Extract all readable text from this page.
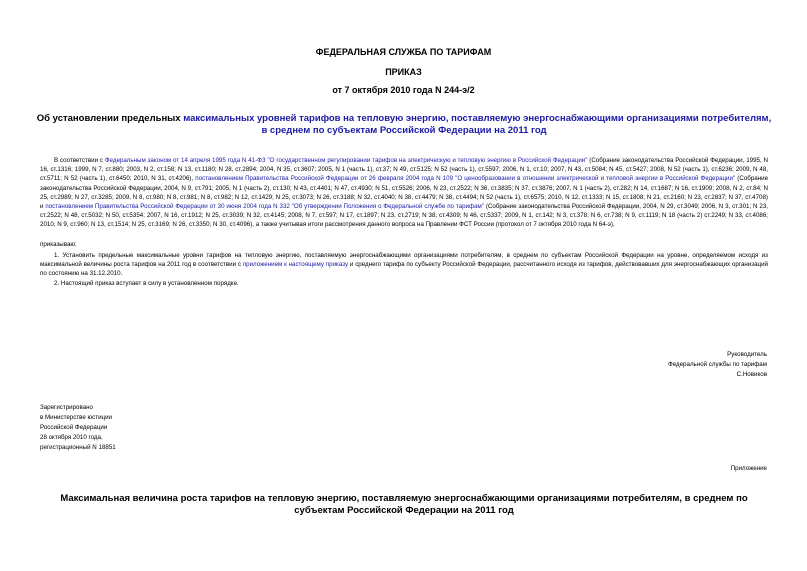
ФЕДЕРАЛЬНАЯ СЛУЖБА ПО ТАРИФАМ
ПРИКАЗ
от 7 октября 2010 года N 244-э/2
Об установлении предельных максимальных уровней тарифов на тепловую энергию, поставляемую энергоснабжающими организациями потребителям, в среднем по субъектам Российской Федерации на 2011 год
В соответствии с Федеральным законом от 14 апреля 1995 года N 41-ФЗ "О государственном регулировании тарифов на электрическую и тепловую энергию в Российской Федерации" (Собрание законодательства Российской Федерации, 1995, N 16, ст.1316; 1999, N 7, ст.880; 2003, N 2, ст.158; N 13, ст.1180; N 28, ст.2894; 2004, N 35, ст.3607; 2005, N 1 (часть 1), ст.37; N 49, ст.5125; N 52 (часть 1), ст.5597; 2006, N 1, ст.10; 2007, N 43, ст.5084; N 45, ст.5427; 2008, N 52 (часть 1), ст.6236; 2009, N 48, ст.5711; N 52 (часть 1), ст.6450; 2010, N 31, ст.4206), постановлением Правительства Российской Федерации от 26 февраля 2004 года N 109 "О ценообразовании в отношении электрической и тепловой энергии в Российской Федерации" (Собрание законодательства Российской Федерации, 2004, N 9, ст.791; 2005, N 1 (часть 2), ст.130; N 43, ст.4401; N 47, ст.4930; N 51, ст.5526; 2006, N 23, ст.2522; N 36, ст.3835; N 37, ст.3876; 2007, N 1 (часть 2), ст.282; N 14, ст.1687; N 16, ст.1909; 2008, N 2, ст.84; N 25, ст.2989; N 27, ст.3285; 2009, N 8, ст.980; N 8, ст.981; N 8, ст.982; N 12, ст.1429; N 25, ст.3073; N 26, ст.3188; N 32, ст.4040; N 38, ст.4479; N 38, ст.4494; N 52 (часть 1), ст.6575; 2010, N 12, ст.1333; N 15, ст.1808; N 21, ст.2160; N 23, ст.2837; N 37, ст.4708) и постановлением Правительства Российской Федерации от 30 июня 2004 года N 332 "Об утверждении Положения о Федеральной службе по тарифам" (Собрание законодательства Российской Федерации, 2004, N 29, ст.3049; 2006, N 3, ст.301; N 23, ст.2522; N 48, ст.5032; N 50, ст.5354; 2007, N 16, ст.1912; N 25, ст.3039; N 32, ст.4145; 2008, N 7, ст.597; N 17, ст.1897; N 23, ст.2719; N 38, ст.4309; N 46, ст.5337; 2009, N 1, ст.142; N 3, ст.378; N 6, ст.738; N 9, ст.1119; N 18 (часть 2) ст.2249; N 33, ст.4086; 2010, N 9, ст.960; N 13, ст.1514; N 25, ст.3169; N 26, ст.3350; N 30, ст.4096), а также учитывая итоги рассмотрения данного вопроса на Правлении ФСТ России (протокол от 7 октября 2010 года N 64-э),
приказываю:

1. Установить предельные максимальные уровни тарифов на тепловую энергию, поставляемую энергоснабжающими организациями потребителям, в среднем по субъектам Российской Федерации на уровне, определяемом исходя из максимальной величины роста тарифов на 2011 год в соответствии с приложением к настоящему приказу и среднего тарифа по субъекту Российской Федерации, рассчитанного исходя из тарифов, действовавших для энергоснабжающих организаций по состоянию на 31.12.2010.

2. Настоящий приказ вступает в силу в установленном порядке.

Руководитель
Федеральной службы по тарифам
С.Новиков
Зарегистрировано
в Министерстве юстиции
Российской Федерации
28 октября 2010 года,
регистрационный N 18851
Приложение
Максимальная величина роста тарифов на тепловую энергию, поставляемую энергоснабжающими организациями потребителям, в среднем по субъектам Российской Федерации на 2011 год
